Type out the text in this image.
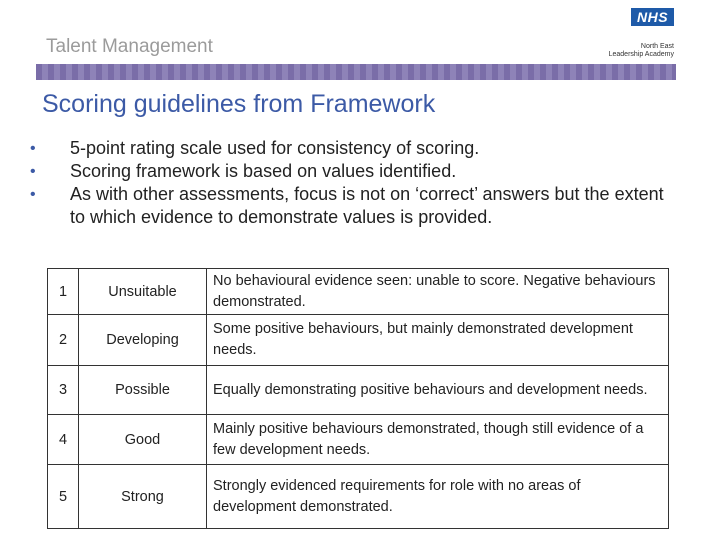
Talent Management
NHS
North East
Leadership Academy
Scoring guidelines from Framework
•	5-point rating scale used for consistency of scoring.
•	Scoring framework is based on values identified.
•	As with other assessments, focus is not on ‘correct’ answers but the extent to which evidence to demonstrate values is provided.
1	Unsuitable	No behavioural evidence seen: unable to score. Negative behaviours demonstrated.
2	Developing	Some positive behaviours, but mainly demonstrated development needs.
3	Possible	Equally demonstrating positive behaviours and development needs.
4	Good	Mainly positive behaviours demonstrated, though still evidence of a few development needs.
5	Strong	Strongly evidenced requirements for role with no areas of development demonstrated.
